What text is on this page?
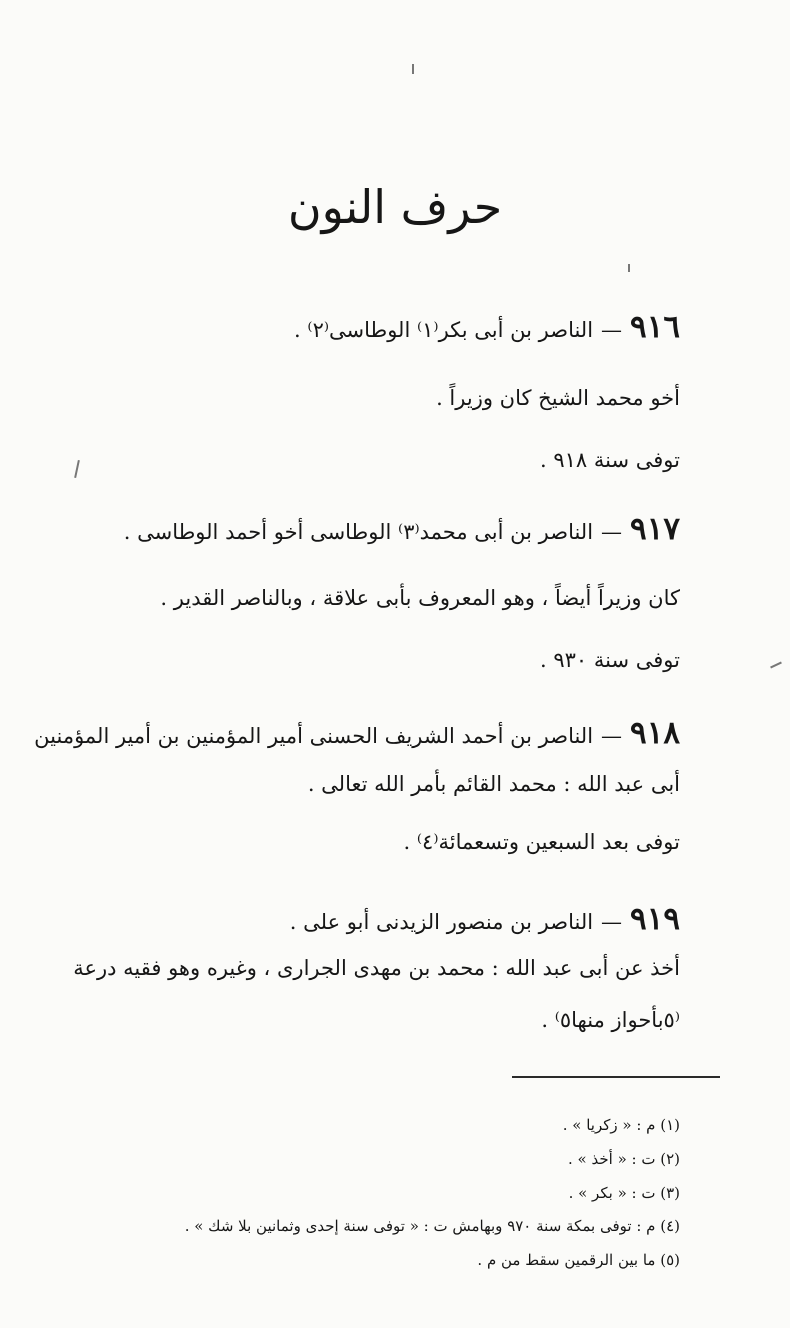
حرف النون
٩١٦—الناصر بن أبى بكر⁽١⁾ الوطاسى⁽٢⁾ .
أخو محمد الشيخ كان وزيراً .
توفى سنة ٩١٨ .
٩١٧—الناصر بن أبى محمد⁽٣⁾ الوطاسى أخو أحمد الوطاسى .
كان وزيراً أيضاً ، وهو المعروف بأبى علاقة ، وبالناصر القدير .
توفى سنة ٩٣٠ .
٩١٨—الناصر بن أحمد الشريف الحسنى أمير المؤمنين بن أمير المؤمنين
أبى عبد الله : محمد القائم بأمر الله تعالى .
توفى بعد السبعين وتسعمائة⁽٤⁾ .
٩١٩—الناصر بن منصور الزيدنى أبو على .
أخذ عن أبى عبد الله : محمد بن مهدى الجرارى ، وغيره وهو فقيه درعة
⁽٥بأحواز منها٥⁾ .
(١) م : « زكريا » .
(٢) ت : « أخذ » .
(٣) ت : « بكر » .
(٤) م : توفى بمكة سنة ٩٧٠ وبهامش ت : « توفى سنة إحدى وثمانين بلا شك » .
(٥) ما بين الرقمين سقط من م .
